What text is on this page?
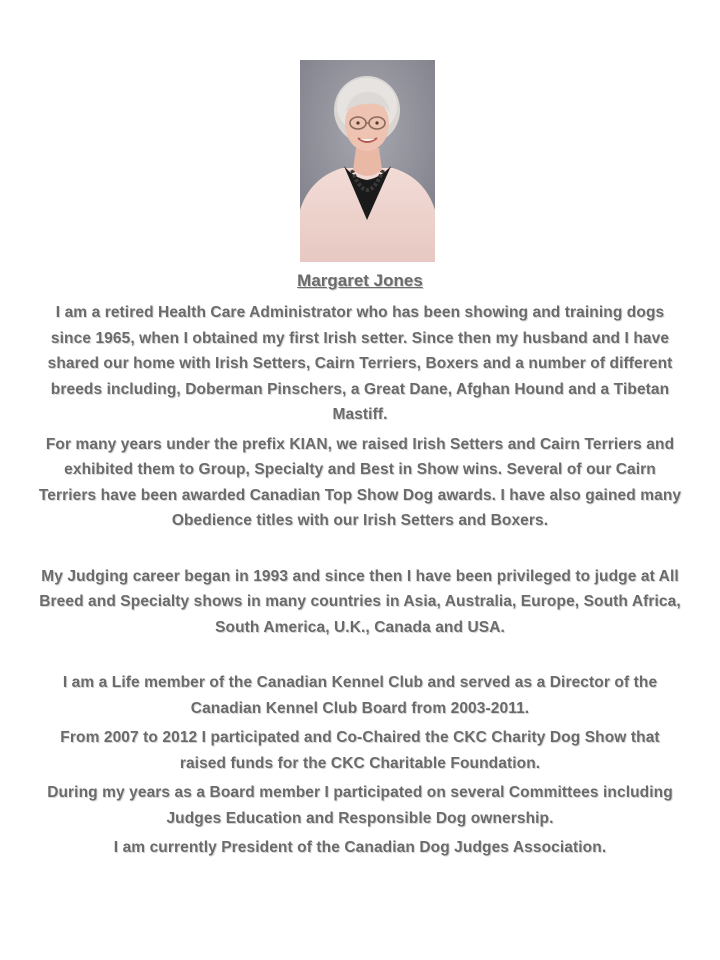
Margaret Jones

I am a retired Health Care Administrator who has been showing and training dogs since 1965, when I obtained my first Irish setter. Since then my husband and I have shared our home with Irish Setters, Cairn Terriers, Boxers and a number of different breeds including, Doberman Pinschers, a Great Dane, Afghan Hound and a Tibetan Mastiff.

For many years under the prefix KIAN, we raised Irish Setters and Cairn Terriers and exhibited them to Group, Specialty and Best in Show wins. Several of our Cairn Terriers have been awarded Canadian Top Show Dog awards. I have also gained many Obedience titles with our Irish Setters and Boxers.

My Judging career began in 1993 and since then I have been privileged to judge at All Breed and Specialty shows in many countries in Asia, Australia, Europe, South Africa, South America, U.K., Canada and USA.

I am a Life member of the Canadian Kennel Club and served as a Director of the Canadian Kennel Club Board from 2003-2011.

From 2007 to 2012 I participated and Co-Chaired the CKC Charity Dog Show that raised funds for the CKC Charitable Foundation.

During my years as a Board member I participated on several Committees including Judges Education and Responsible Dog ownership.

I am currently President of the Canadian Dog Judges Association.
